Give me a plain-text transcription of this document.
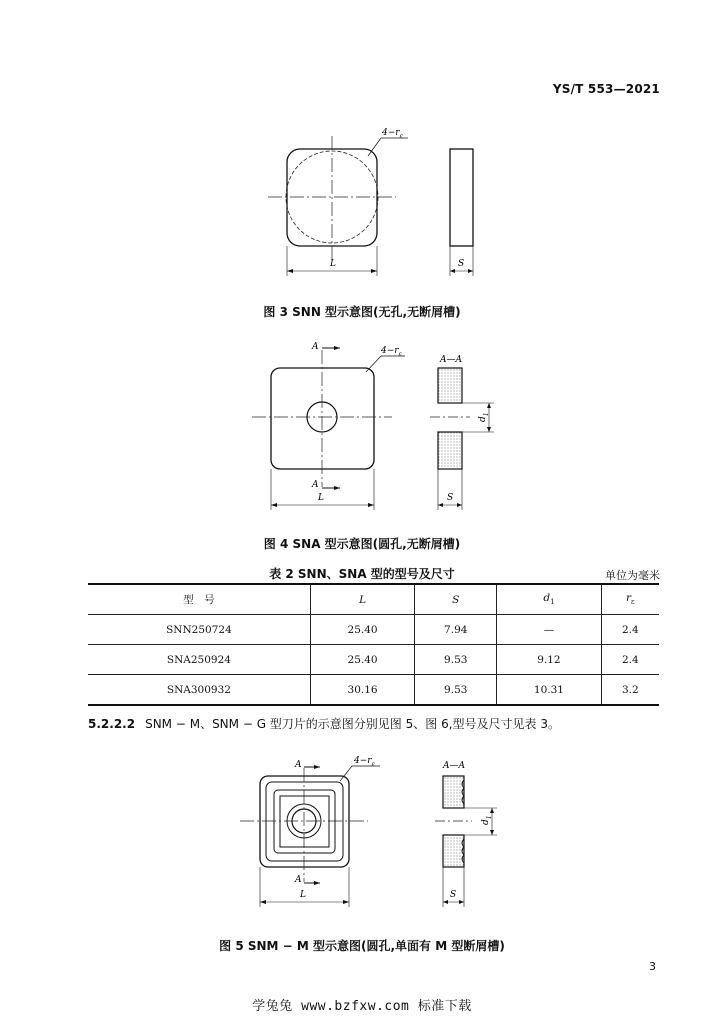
YS/T 553—2021
$4-r_\varepsilon$
L	S
图 3 SNN 型示意图(无孔,无断屑槽)
A
A
$4-r_\varepsilon$
L
A—A
$d_1$
S
图 4 SNA 型示意图(圆孔,无断屑槽)
表 2 SNN、SNA 型的型号及尺寸	单位为毫米
型　号	L	S	$d_1$	$r_\varepsilon$
SNN250724	25.40	7.94	—	2.4
SNA250924	25.40	9.53	9.12	2.4
SNA300932	30.16	9.53	10.31	3.2
5.2.2.2 SNM − M、SNM − G 型刀片的示意图分别见图 5、图 6,型号及尺寸见表 3。
A
A
$4-r_\varepsilon$
L
A—A
$d_1$
S
图 5 SNM − M 型示意图(圆孔,单面有 M 型断屑槽)
3
学兔兔 www.bzfxw.com 标准下载
